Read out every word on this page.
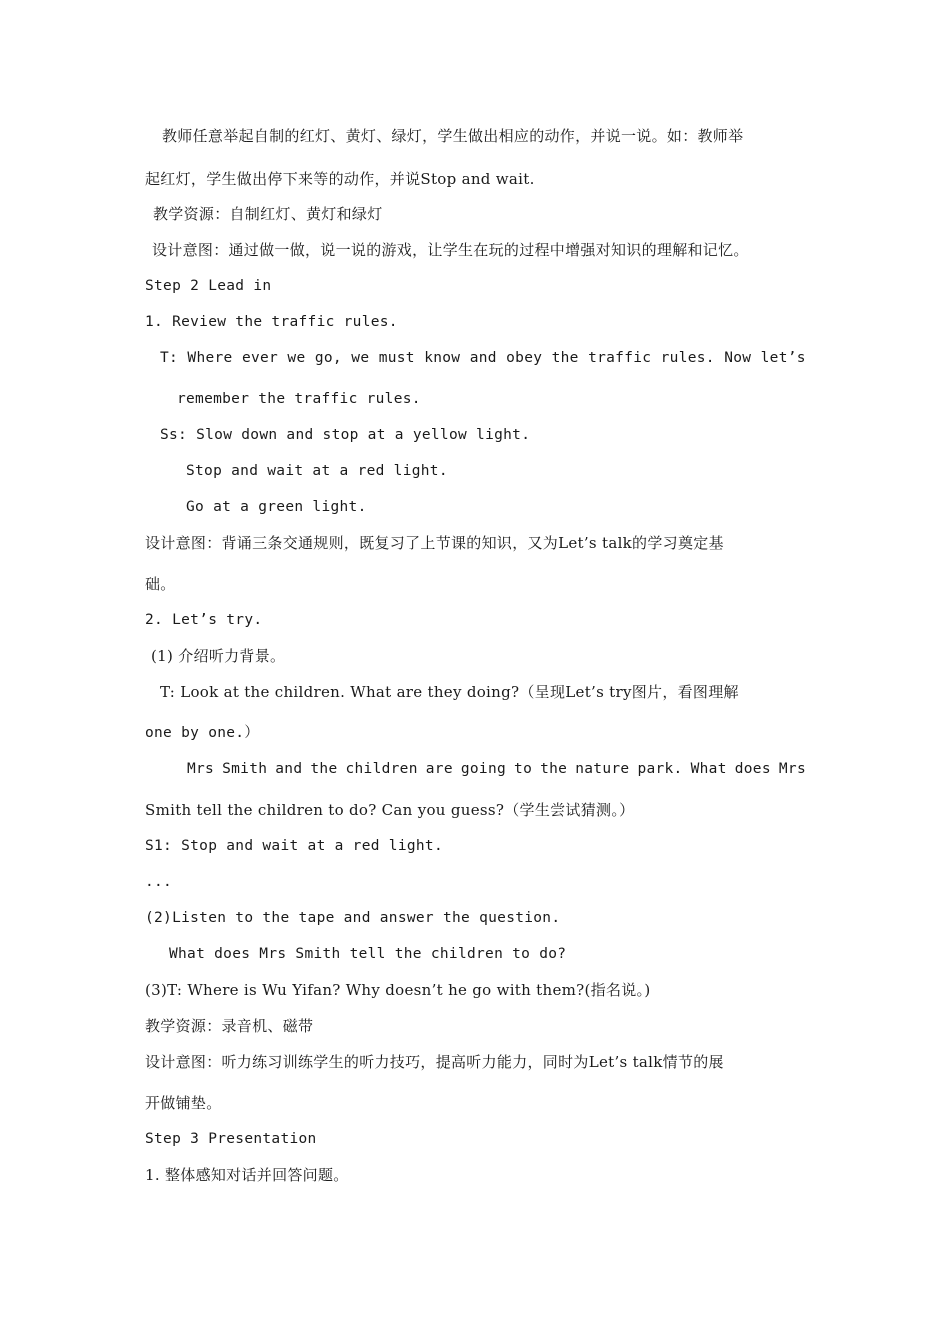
教师任意举起自制的红灯、黄灯、绿灯，学生做出相应的动作，并说一说。如：教师举
起红灯，学生做出停下来等的动作，并说Stop and wait.
教学资源：自制红灯、黄灯和绿灯
设计意图：通过做一做，说一说的游戏，让学生在玩的过程中增强对知识的理解和记忆。
Step 2 Lead in
1. Review the traffic rules.
T: Where ever we go, we must know and obey the traffic rules. Now let’s
remember the traffic rules.
Ss: Slow down and stop at a yellow light.
Stop and wait at a red light.
Go at a green light.
设计意图：背诵三条交通规则，既复习了上节课的知识，又为Let’s talk的学习奠定基
础。
2. Let’s try.
(1) 介绍听力背景。
T: Look at the children. What are they doing?（呈现Let’s try图片，看图理解
one by one.）
Mrs Smith and the children are going to the nature park. What does Mrs
Smith tell the children to do? Can you guess?（学生尝试猜测。）
S1: Stop and wait at a red light.
...
(2)Listen to the tape and answer the question.
What does Mrs Smith tell the children to do?
(3)T: Where is Wu Yifan? Why doesn’t he go with them?(指名说。)
教学资源：录音机、磁带
设计意图：听力练习训练学生的听力技巧，提高听力能力，同时为Let’s talk情节的展
开做铺垫。
Step 3 Presentation
1. 整体感知对话并回答问题。
